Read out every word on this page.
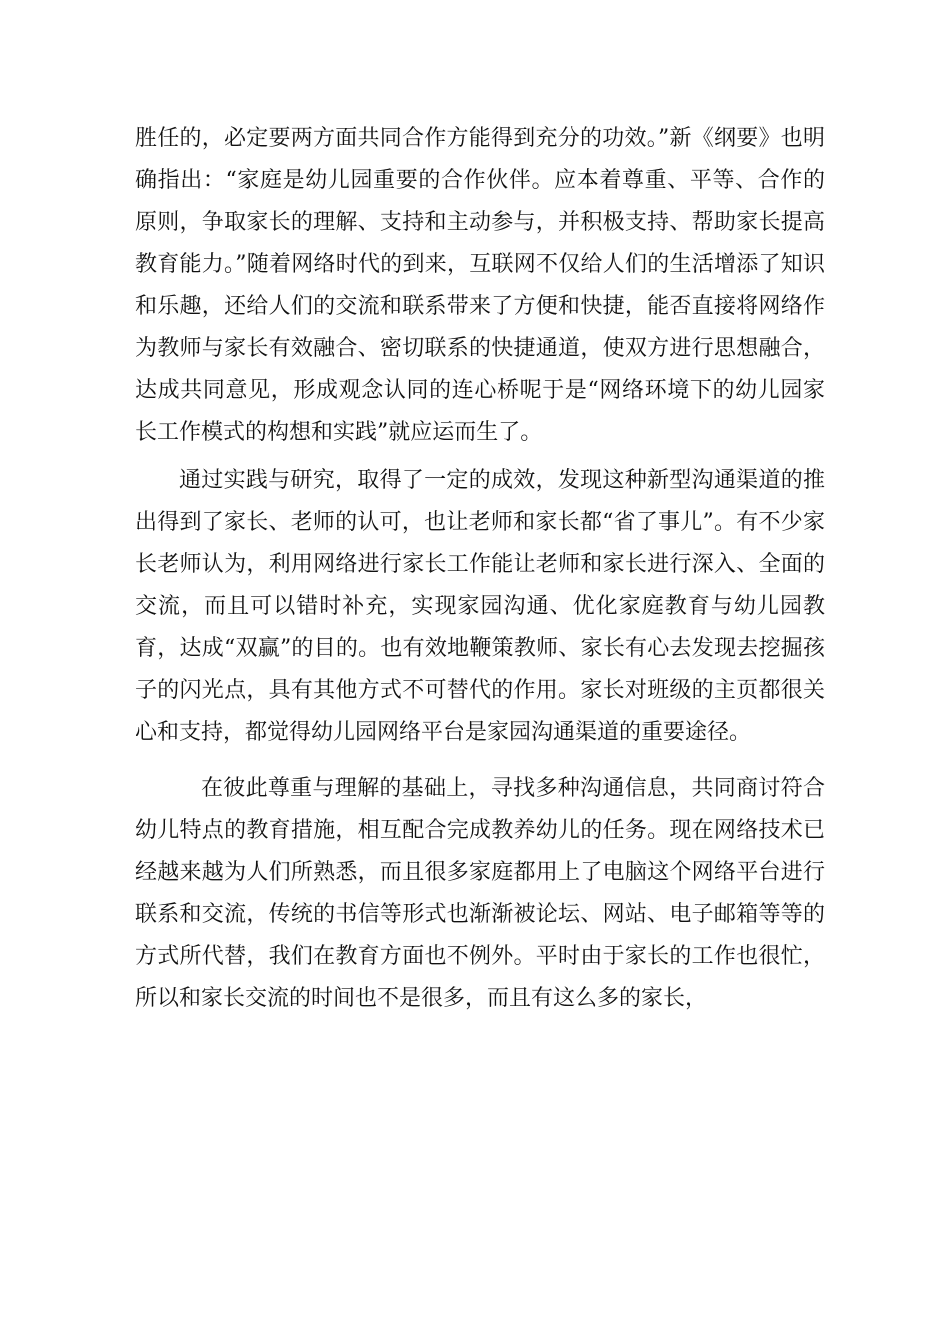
胜任的，必定要两方面共同合作方能得到充分的功效。”新《纲要》也明确指出：“家庭是幼儿园重要的合作伙伴。应本着尊重、平等、合作的原则，争取家长的理解、支持和主动参与，并积极支持、帮助家长提高教育能力。”随着网络时代的到来，互联网不仅给人们的生活增添了知识和乐趣，还给人们的交流和联系带来了方便和快捷，能否直接将网络作为教师与家长有效融合、密切联系的快捷通道，使双方进行思想融合，达成共同意见，形成观念认同的连心桥呢于是“网络环境下的幼儿园家长工作模式的构想和实践”就应运而生了。

通过实践与研究，取得了一定的成效，发现这种新型沟通渠道的推出得到了家长、老师的认可，也让老师和家长都“省了事儿”。有不少家长老师认为，利用网络进行家长工作能让老师和家长进行深入、全面的交流，而且可以错时补充，实现家园沟通、优化家庭教育与幼儿园教育，达成“双赢”的目的。也有效地鞭策教师、家长有心去发现去挖掘孩子的闪光点，具有其他方式不可替代的作用。家长对班级的主页都很关心和支持，都觉得幼儿园网络平台是家园沟通渠道的重要途径。

在彼此尊重与理解的基础上，寻找多种沟通信息，共同商讨符合幼儿特点的教育措施，相互配合完成教养幼儿的任务。现在网络技术已经越来越为人们所熟悉，而且很多家庭都用上了电脑这个网络平台进行联系和交流，传统的书信等形式也渐渐被论坛、网站、电子邮箱等等的方式所代替，我们在教育方面也不例外。平时由于家长的工作也很忙，所以和家长交流的时间也不是很多，而且有这么多的家长，
